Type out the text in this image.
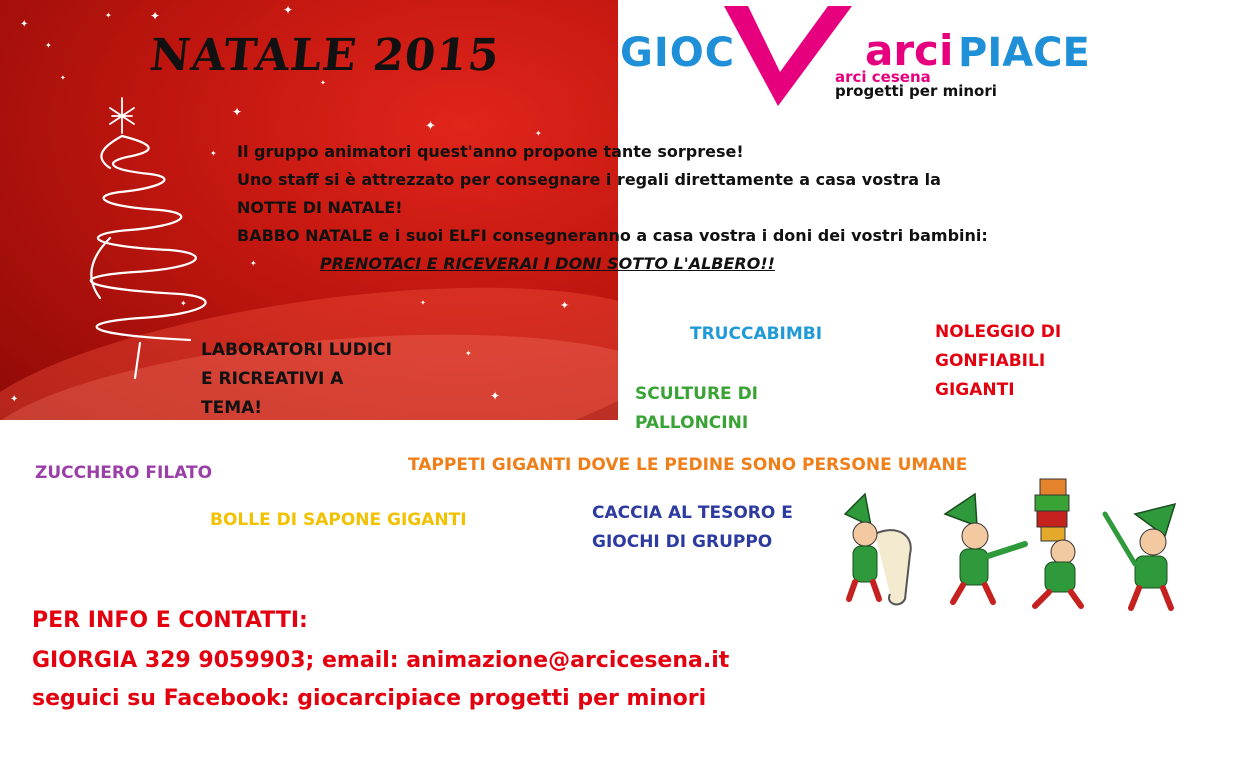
✦
✦
✦	✦	✦
✦
✦
✦
✦	✦
✦
✦
✦
✦
✦
✦
✦	✦
NATALE 2015	GIOC	arci PIACE
arci cesena
progetti per minori
Il gruppo animatori quest'anno propone tante sorprese!
Uno staff si è attrezzato per consegnare i regali direttamente a casa vostra la
NOTTE DI NATALE!
BABBO NATALE e i suoi ELFI consegneranno a casa vostra i doni dei vostri bambini:
PRENOTACI E RICEVERAI I DONI SOTTO L'ALBERO!!
LABORATORI LUDICI
E RICREATIVI A
TEMA!
TRUCCABIMBI	NOLEGGIO DI
GONFIABILI
GIGANTI
SCULTURE DI
PALLONCINI
ZUCCHERO FILATO	TAPPETI GIGANTI DOVE LE PEDINE SONO PERSONE UMANE
BOLLE DI SAPONE GIGANTI	CACCIA AL TESORO E
GIOCHI DI GRUPPO
PER INFO E CONTATTI:
GIORGIA 329 9059903; email: animazione@arcicesena.it
seguici su Facebook: giocarcipiace progetti per minori
